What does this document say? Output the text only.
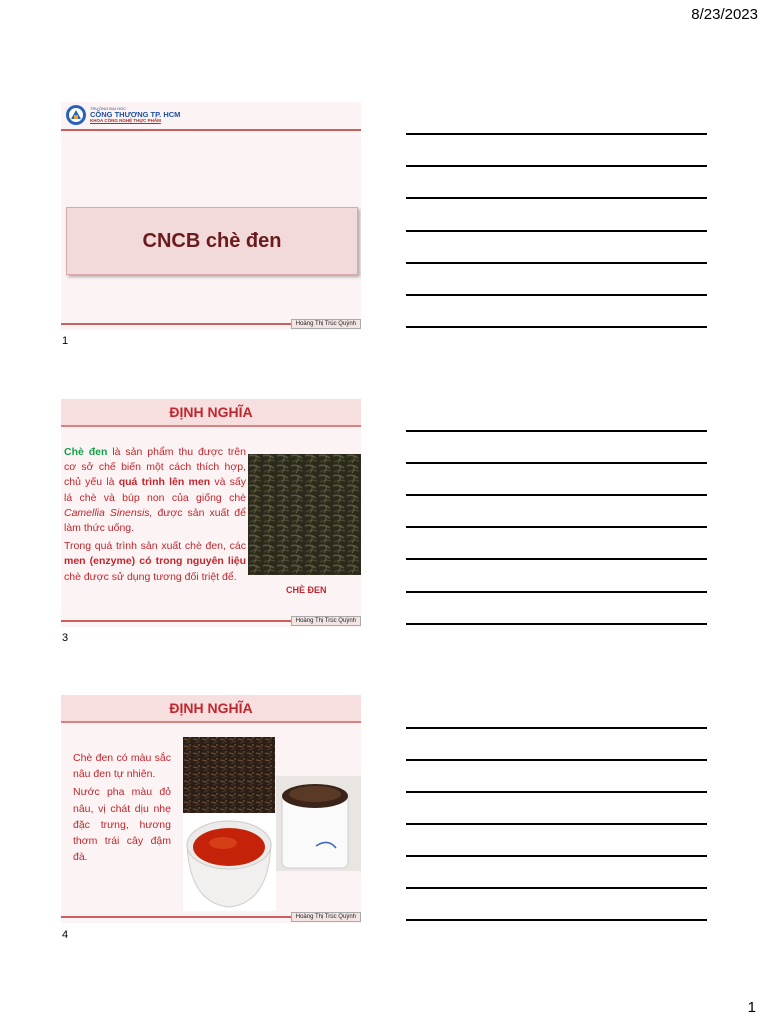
8/23/2023
TRƯỜNG ĐẠI HỌC
CÔNG THƯƠNG TP. HCM
KHOA CÔNG NGHỆ THỰC PHẨM
CNCB chè đen
Hoàng Thị Trúc Quỳnh
1
ĐỊNH NGHĨA

Chè đen là sản phẩm thu được trên cơ sở chế biến một cách thích hợp, chủ yếu là quá trình lên men và sấy lá chè và búp non của giống chè Camellia Sinensis, được sản xuất để làm thức uống.

Trong quá trình sản xuất chè đen, các men (enzyme) có trong nguyên liệu chè được sử dụng tương đối triệt để.

CHÈ ĐEN
Hoàng Thị Trúc Quỳnh
3
ĐỊNH NGHĨA

Chè đen có màu sắc nâu đen tự nhiên.

Nước pha màu đỏ nâu, vị chát dịu nhẹ đặc trưng, hương thơm trái cây đậm đà.

Hoàng Thị Trúc Quỳnh
4
1
